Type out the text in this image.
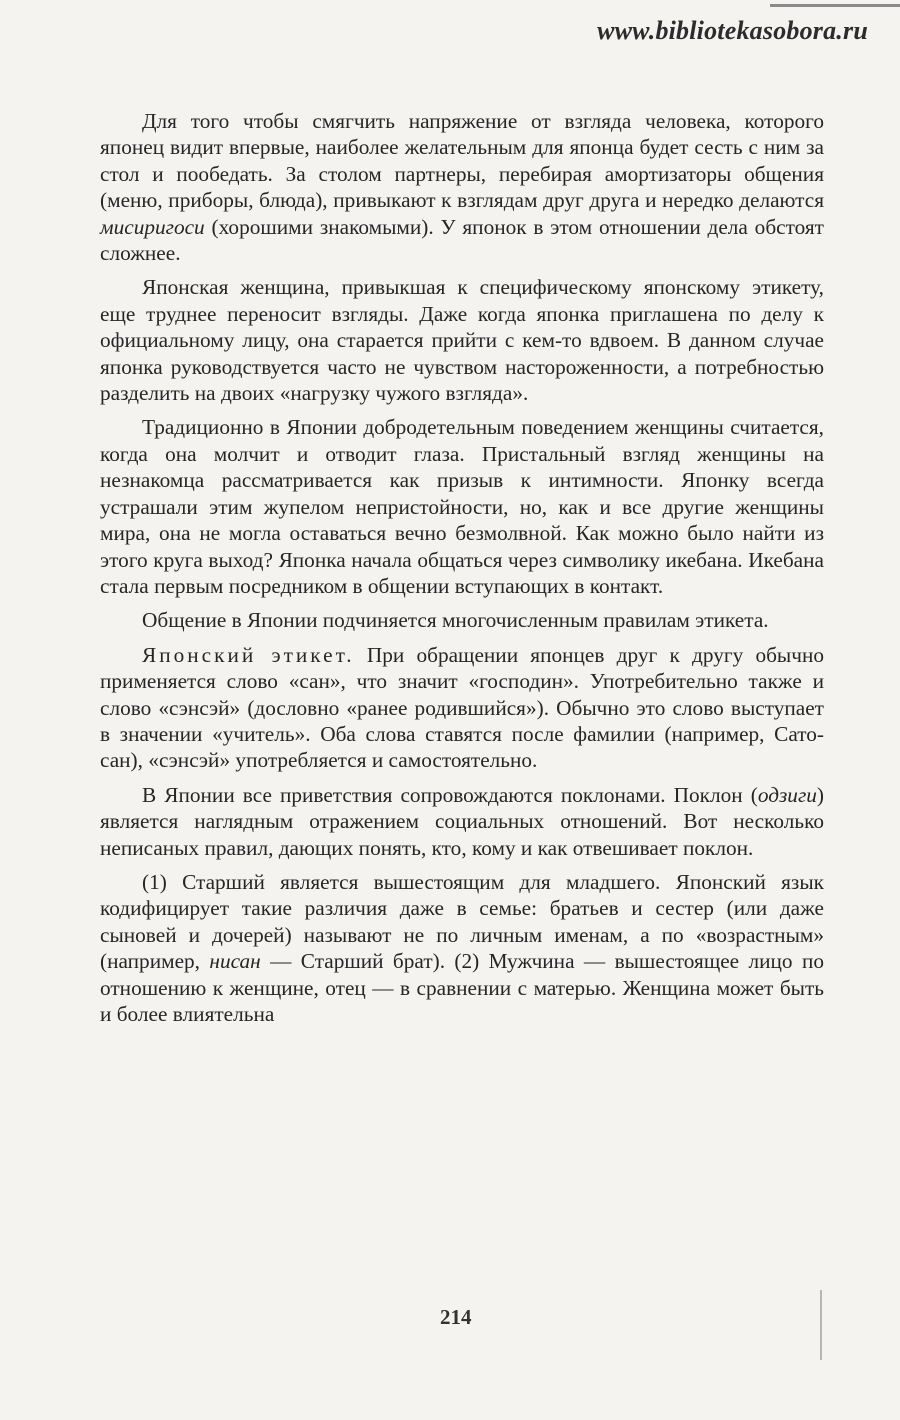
www.bibliotekasobora.ru

Для того чтобы смягчить напряжение от взгляда человека, которого японец видит впервые, наиболее желательным для японца будет сесть с ним за стол и пообедать. За столом партнеры, перебирая амортизаторы общения (меню, приборы, блюда), привыкают к взглядам друг друга и нередко делаются мисиригоси (хорошими знакомыми). У японок в этом отношении дела обстоят сложнее.

Японская женщина, привыкшая к специфическому японскому этикету, еще труднее переносит взгляды. Даже когда японка приглашена по делу к официальному лицу, она старается прийти с кем-то вдвоем. В данном случае японка руководствуется часто не чувством настороженности, а потребностью разделить на двоих «нагрузку чужого взгляда».

Традиционно в Японии добродетельным поведением женщины считается, когда она молчит и отводит глаза. Пристальный взгляд женщины на незнакомца рассматривается как призыв к интимности. Японку всегда устрашали этим жупелом непристойности, но, как и все другие женщины мира, она не могла оставаться вечно безмолвной. Как можно было найти из этого круга выход? Японка начала общаться через символику икебана. Икебана стала первым посредником в общении вступающих в контакт.

Общение в Японии подчиняется многочисленным правилам этикета.

Японский этикет. При обращении японцев друг к другу обычно применяется слово «сан», что значит «господин». Употребительно также и слово «сэнсэй» (дословно «ранее родившийся»). Обычно это слово выступает в значении «учитель». Оба слова ставятся после фамилии (например, Сато-сан), «сэнсэй» употребляется и самостоятельно.

В Японии все приветствия сопровождаются поклонами. Поклон (одзиги) является наглядным отражением социальных отношений. Вот несколько неписаных правил, дающих понять, кто, кому и как отвешивает поклон.

(1) Старший является вышестоящим для младшего. Японский язык кодифицирует такие различия даже в семье: братьев и сестер (или даже сыновей и дочерей) называют не по личным именам, а по «возрастным» (например, нисан — Старший брат). (2) Мужчина — вышестоящее лицо по отношению к женщине, отец — в сравнении с матерью. Женщина может быть и более влиятельна

214
